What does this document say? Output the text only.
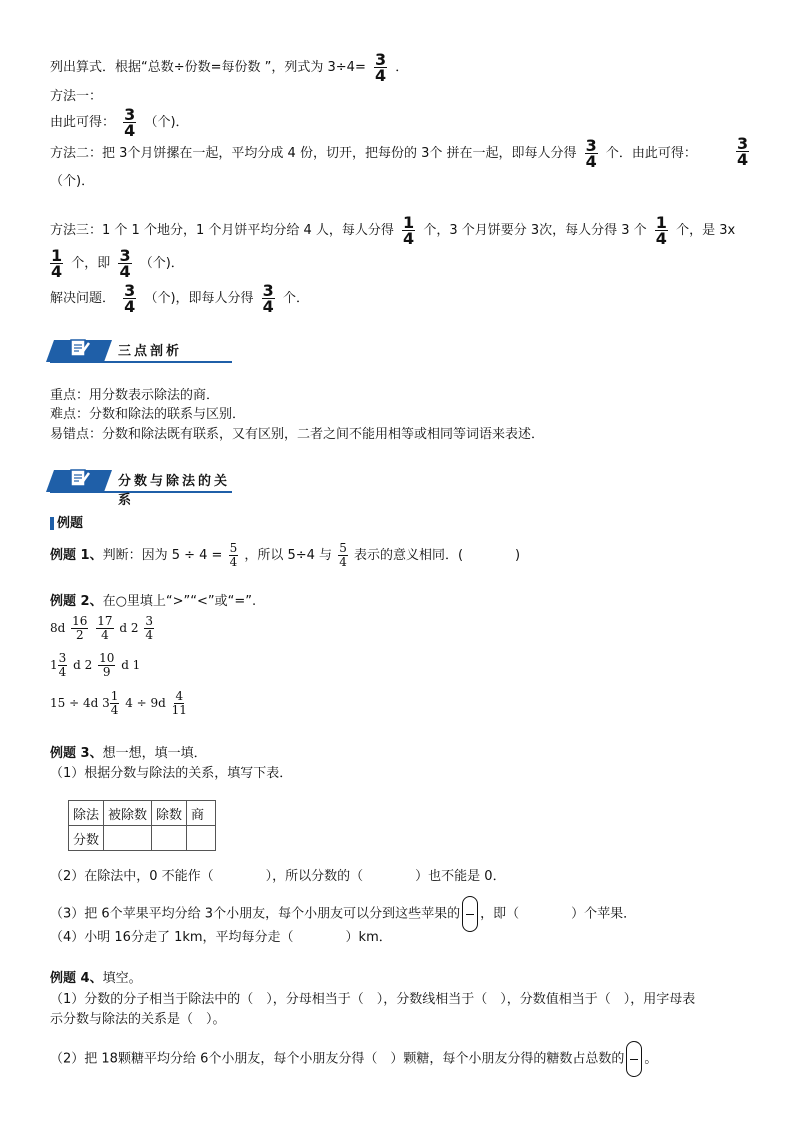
列出算式．根据“总数÷份数=每份数 ”，列式为 $3\div 4= \frac{3}{4}$ ．
方法一：
由此可得： $\frac{3}{4}$ （个)．
方法二：把 3个月饼摞在一起，平均分成 4 份，切开，把每份的 3个 拼在一起，即每人分得 $\frac{3}{4}$ 个．由此可得： $\frac{3}{4}$
（个)．
方法三：1 个 1 个地分，1 个月饼平均分给 4 人，每人分得 $\frac{1}{4}$ 个，3 个月饼要分 3次，每人分得 3 个 $\frac{1}{4}$ 个，是 3x
$\frac{1}{4}$ 个，即 $\frac{3}{4}$ （个)．
解决问题． $\frac{3}{4}$ （个)，即每人分得 $\frac{3}{4}$ 个．
三点剖析
重点：用分数表示除法的商．
难点：分数和除法的联系与区别．
易错点：分数和除法既有联系，又有区别，二者之间不能用相等或相同等词语来表述．
分数与除法的关系
例题
例题 1、判断：因为 $5 \div 4 = \frac{5}{4}$ ，所以 5÷4 与 $\frac{5}{4}$ 表示的意义相同．(　　　　)
例题 2、在○里填上“>”“<”或“=”.
$8d \frac{16}{2}$
$\frac{17}{4}$ d $2 \frac{3}{4}$
$1 \frac{3}{4}$ d $2 \frac{10}{9}$ d 1
15 ÷ 4d $3 \frac{1}{4} 4 \div 9d \frac{4}{11}$
例题 3、想一想，填一填．
（1）根据分数与除法的关系，填写下表．
除法	被除数	除数	商
分数			
（2）在除法中，0 不能作（　　　　），所以分数的（　　　　）也不能是 0．
（3）把 6个苹果平均分给 3个小朋友，每个小朋友可以分到这些苹果的 ，即（　　　　）个苹果．
（4）小明 16分走了 1km，平均每分走（　　　　）km．
例题 4、填空。
（1）分数的分子相当于除法中的（　），分母相当于（　），分数线相当于（　），分数值相当于（　），用字母表
示分数与除法的关系是（　）。
（2）把 18颗糖平均分给 6个小朋友，每个小朋友分得（　）颗糖，每个小朋友分得的糖数占总数的 。
